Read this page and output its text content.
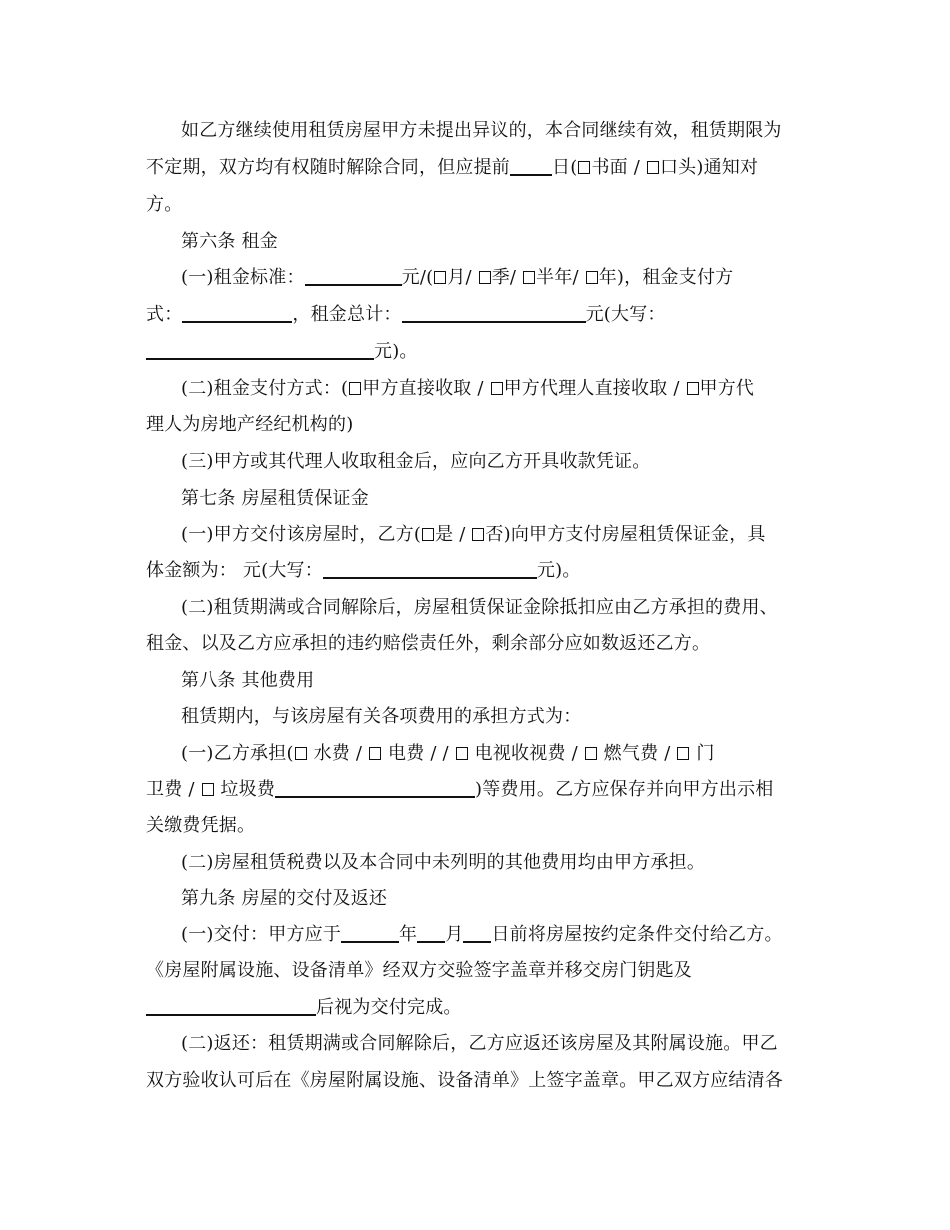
如乙方继续使用租赁房屋甲方未提出异议的，本合同继续有效，租赁期限为
不定期，双方均有权随时解除合同，但应提前 日( 书面 / 口头)通知对
方。
第六条 租金
(一)租金标准：	元/( 月/ 季/ 半年/ 年)，租金支付方
式：	，租金总计：	元(大写：
元)。
(二)租金支付方式：( 甲方直接收取 / 甲方代理人直接收取 / 甲方代
理人为房地产经纪机构的)
(三)甲方或其代理人收取租金后，应向乙方开具收款凭证。
第七条 房屋租赁保证金
(一)甲方交付该房屋时，乙方( 是 / 否)向甲方支付房屋租赁保证金，具
体金额为： 元(大写：	元)。
(二)租赁期满或合同解除后，房屋租赁保证金除抵扣应由乙方承担的费用、
租金、以及乙方应承担的违约赔偿责任外，剩余部分应如数返还乙方。
第八条 其他费用
租赁期内，与该房屋有关各项费用的承担方式为：
(一)乙方承担( 水费 /  电费 / /  电视收视费 /  燃气费 /  门
卫费 /  垃圾费	)等费用。乙方应保存并向甲方出示相
关缴费凭据。
(二)房屋租赁税费以及本合同中未列明的其他费用均由甲方承担。
第九条 房屋的交付及返还
(一)交付：甲方应于	年 月 日前将房屋按约定条件交付给乙方。
《房屋附属设施、设备清单》经双方交验签字盖章并移交房门钥匙及
后视为交付完成。
(二)返还：租赁期满或合同解除后，乙方应返还该房屋及其附属设施。甲乙
双方验收认可后在《房屋附属设施、设备清单》上签字盖章。甲乙双方应结清各
